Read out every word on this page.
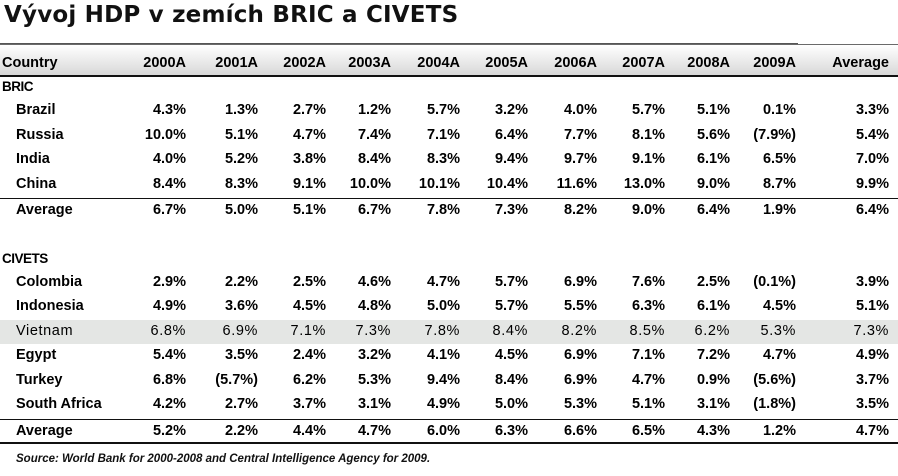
Vývoj HDP v zemích BRIC a CIVETS
Country	2000A 2001A 2002A 2003A 2004A 2005A 2006A 2007A 2008A 2009A	Average
BRIC
Brazil	4.3%	1.3% 2.7% 1.2% 5.7% 3.2% 4.0% 5.7% 5.1% 0.1%	3.3%
Russia	10.0%	5.1% 4.7% 7.4% 7.1% 6.4% 7.7% 8.1% 5.6% (7.9%)	5.4%
India	4.0%	5.2% 3.8% 8.4% 8.3% 9.4% 9.7% 9.1% 6.1% 6.5%	7.0%
China	8.4%	8.3% 9.1% 10.0% 10.1% 10.4% 11.6% 13.0% 9.0% 8.7%	9.9%
Average	6.7%	5.0% 5.1% 6.7% 7.8% 7.3% 8.2% 9.0% 6.4% 1.9%	6.4%
CIVETS
Colombia	2.9%	2.2% 2.5% 4.6% 4.7% 5.7% 6.9% 7.6% 2.5% (0.1%)	3.9%
Indonesia	4.9%	3.6% 4.5% 4.8% 5.0% 5.7% 5.5% 6.3% 6.1% 4.5%	5.1%
Vietnam	6.8%	6.9% 7.1% 7.3% 7.8% 8.4% 8.2% 8.5% 6.2% 5.3%	7.3%
Egypt	5.4%	3.5% 2.4% 3.2% 4.1% 4.5% 6.9% 7.1% 7.2% 4.7%	4.9%
Turkey	6.8% (5.7%) 6.2% 5.3% 9.4% 8.4% 6.9% 4.7% 0.9% (5.6%)	3.7%
South Africa	4.2%	2.7% 3.7% 3.1% 4.9% 5.0% 5.3% 5.1% 3.1% (1.8%)	3.5%
Average	5.2%	2.2% 4.4% 4.7% 6.0% 6.3% 6.6% 6.5% 4.3% 1.2%	4.7%
Source: World Bank for 2000-2008 and Central Intelligence Agency for 2009.
